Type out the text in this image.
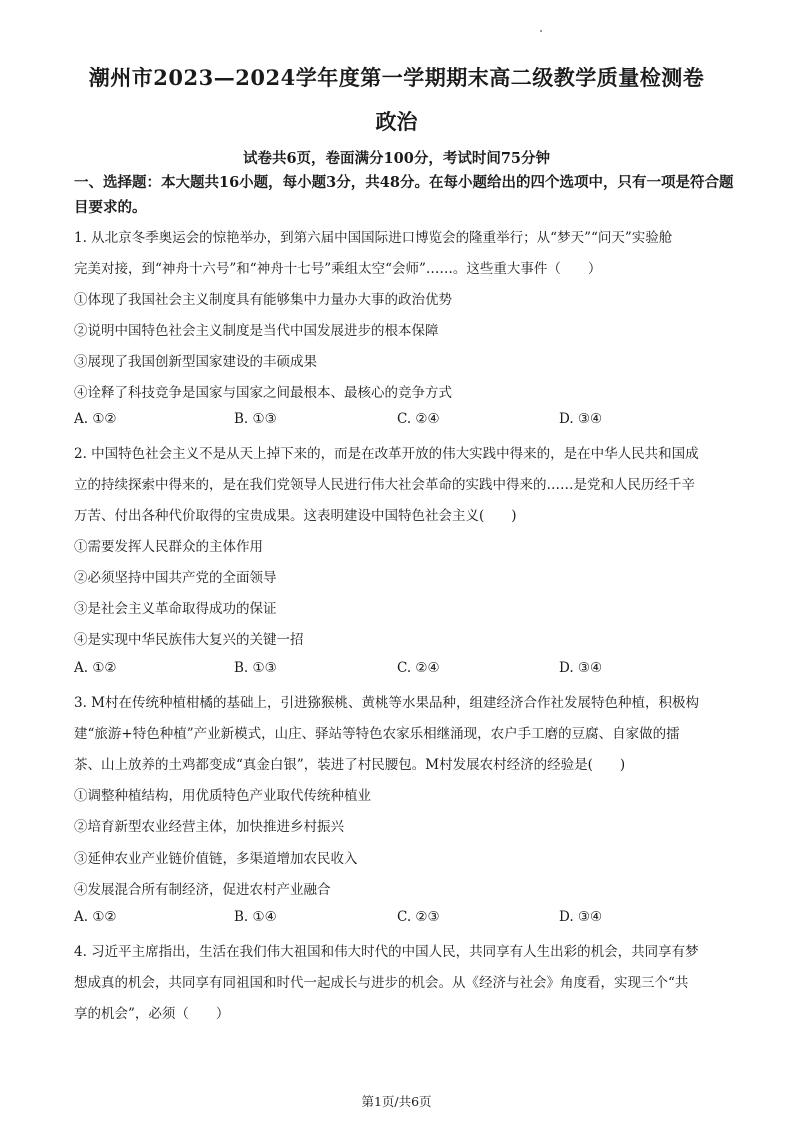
潮州市2023—2024学年度第一学期期末高二级教学质量检测卷
政治
试卷共6页，卷面满分100分，考试时间75分钟
一、选择题：本大题共16小题，每小题3分，共48分。在每小题给出的四个选项中，只有一项是符合题目要求的。
1. 从北京冬季奥运会的惊艳举办，到第六届中国国际进口博览会的隆重举行；从“梦天”“问天”实验舱
完美对接，到“神舟十六号”和“神舟十七号”乘组太空“会师”……。这些重大事件（　　）
①体现了我国社会主义制度具有能够集中力量办大事的政治优势
②说明中国特色社会主义制度是当代中国发展进步的根本保障
③展现了我国创新型国家建设的丰硕成果
④诠释了科技竞争是国家与国家之间最根本、最核心的竞争方式
A. ①②	B. ①③	C. ②④	D. ③④
2. 中国特色社会主义不是从天上掉下来的，而是在改革开放的伟大实践中得来的，是在中华人民共和国成
立的持续探索中得来的，是在我们党领导人民进行伟大社会革命的实践中得来的……是党和人民历经千辛
万苦、付出各种代价取得的宝贵成果。这表明建设中国特色社会主义(　　)
①需要发挥人民群众的主体作用
②必须坚持中国共产党的全面领导
③是社会主义革命取得成功的保证
④是实现中华民族伟大复兴的关键一招
A. ①②	B. ①③	C. ②④	D. ③④
3. M村在传统种植柑橘的基础上，引进猕猴桃、黄桃等水果品种，组建经济合作社发展特色种植，积极构
建“旅游+特色种植”产业新模式，山庄、驿站等特色农家乐相继涌现，农户手工磨的豆腐、自家做的擂
茶、山上放养的土鸡都变成“真金白银”，装进了村民腰包。M村发展农村经济的经验是(　　)
①调整种植结构，用优质特色产业取代传统种植业
②培育新型农业经营主体，加快推进乡村振兴
③延伸农业产业链价值链，多渠道增加农民收入
④发展混合所有制经济，促进农村产业融合
A. ①②	B. ①④	C. ②③	D. ③④
4. 习近平主席指出，生活在我们伟大祖国和伟大时代的中国人民，共同享有人生出彩的机会，共同享有梦
想成真的机会，共同享有同祖国和时代一起成长与进步的机会。从《经济与社会》角度看，实现三个“共
享的机会”，必须（　　）
第1页/共6页
